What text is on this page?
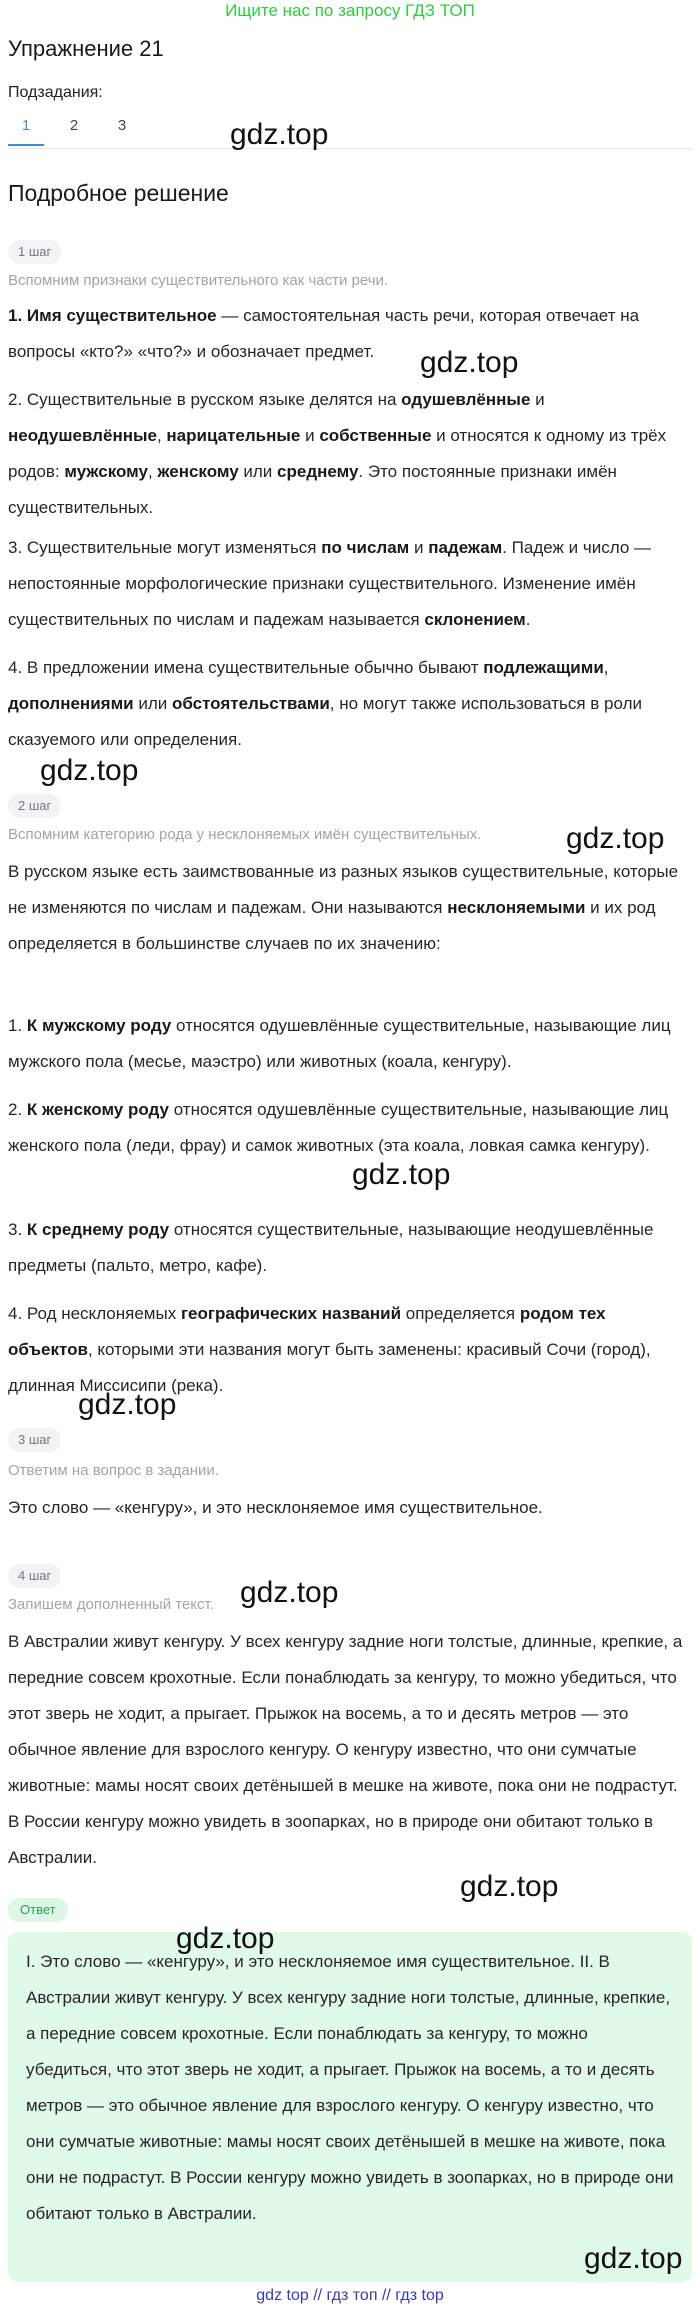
Ищите нас по запросу ГДЗ ТОП
Упражнение 21
Подзадания:
1	2	3
Подробное решение
1 шаг
Вспомним признаки существительного как части речи.

1. Имя существительное — самостоятельная часть речи, которая отвечает на вопросы «кто?» «что?» и обозначает предмет.

2. Существительные в русском языке делятся на одушевлённые и неодушевлённые, нарицательные и собственные и относятся к одному из трёх родов: мужскому, женскому или среднему. Это постоянные признаки имён существительных.

3. Существительные могут изменяться по числам и падежам. Падеж и число — непостоянные морфологические признаки существительного. Изменение имён существительных по числам и падежам называется склонением.

4. В предложении имена существительные обычно бывают подлежащими, дополнениями или обстоятельствами, но могут также использоваться в роли сказуемого или определения.

2 шаг
Вспомним категорию рода у несклоняемых имён существительных.

В русском языке есть заимствованные из разных языков существительные, которые не изменяются по числам и падежам. Они называются несклоняемыми и их род определяется в большинстве случаев по их значению:

1. К мужскому роду относятся одушевлённые существительные, называющие лиц мужского пола (месье, маэстро) или животных (коала, кенгуру).

2. К женскому роду относятся одушевлённые существительные, называющие лиц женского пола (леди, фрау) и самок животных (эта коала, ловкая самка кенгуру).

3. К среднему роду относятся существительные, называющие неодушевлённые предметы (пальто, метро, кафе).

4. Род несклоняемых географических названий определяется родом тех объектов, которыми эти названия могут быть заменены: красивый Сочи (город), длинная Миссисипи (река).

3 шаг
Ответим на вопрос в задании.

Это слово — «кенгуру», и это несклоняемое имя существительное.

4 шаг
Запишем дополненный текст.

В Австралии живут кенгуру. У всех кенгуру задние ноги толстые, длинные, крепкие, а передние совсем крохотные. Если понаблюдать за кенгуру, то можно убедиться, что этот зверь не ходит, а прыгает. Прыжок на восемь, а то и десять метров — это обычное явление для взрослого кенгуру. О кенгуру известно, что они сумчатые животные: мамы носят своих детёнышей в мешке на животе, пока они не подрастут. В России кенгуру можно увидеть в зоопарках, но в природе они обитают только в Австралии.

Ответ

I. Это слово — «кенгуру», и это несклоняемое имя существительное. II. В Австралии живут кенгуру. У всех кенгуру задние ноги толстые, длинные, крепкие, а передние совсем крохотные. Если понаблюдать за кенгуру, то можно убедиться, что этот зверь не ходит, а прыгает. Прыжок на восемь, а то и десять метров — это обычное явление для взрослого кенгуру. О кенгуру известно, что они сумчатые животные: мамы носят своих детёнышей в мешке на животе, пока они не подрастут. В России кенгуру можно увидеть в зоопарках, но в природе они обитают только в Австралии.

gdz.top
gdz.top
gdz.top
gdz.top
gdz.top
gdz.top
gdz.top
gdz.top
gdz.top
gdz.top
gdz top // гдз топ // гдз top
